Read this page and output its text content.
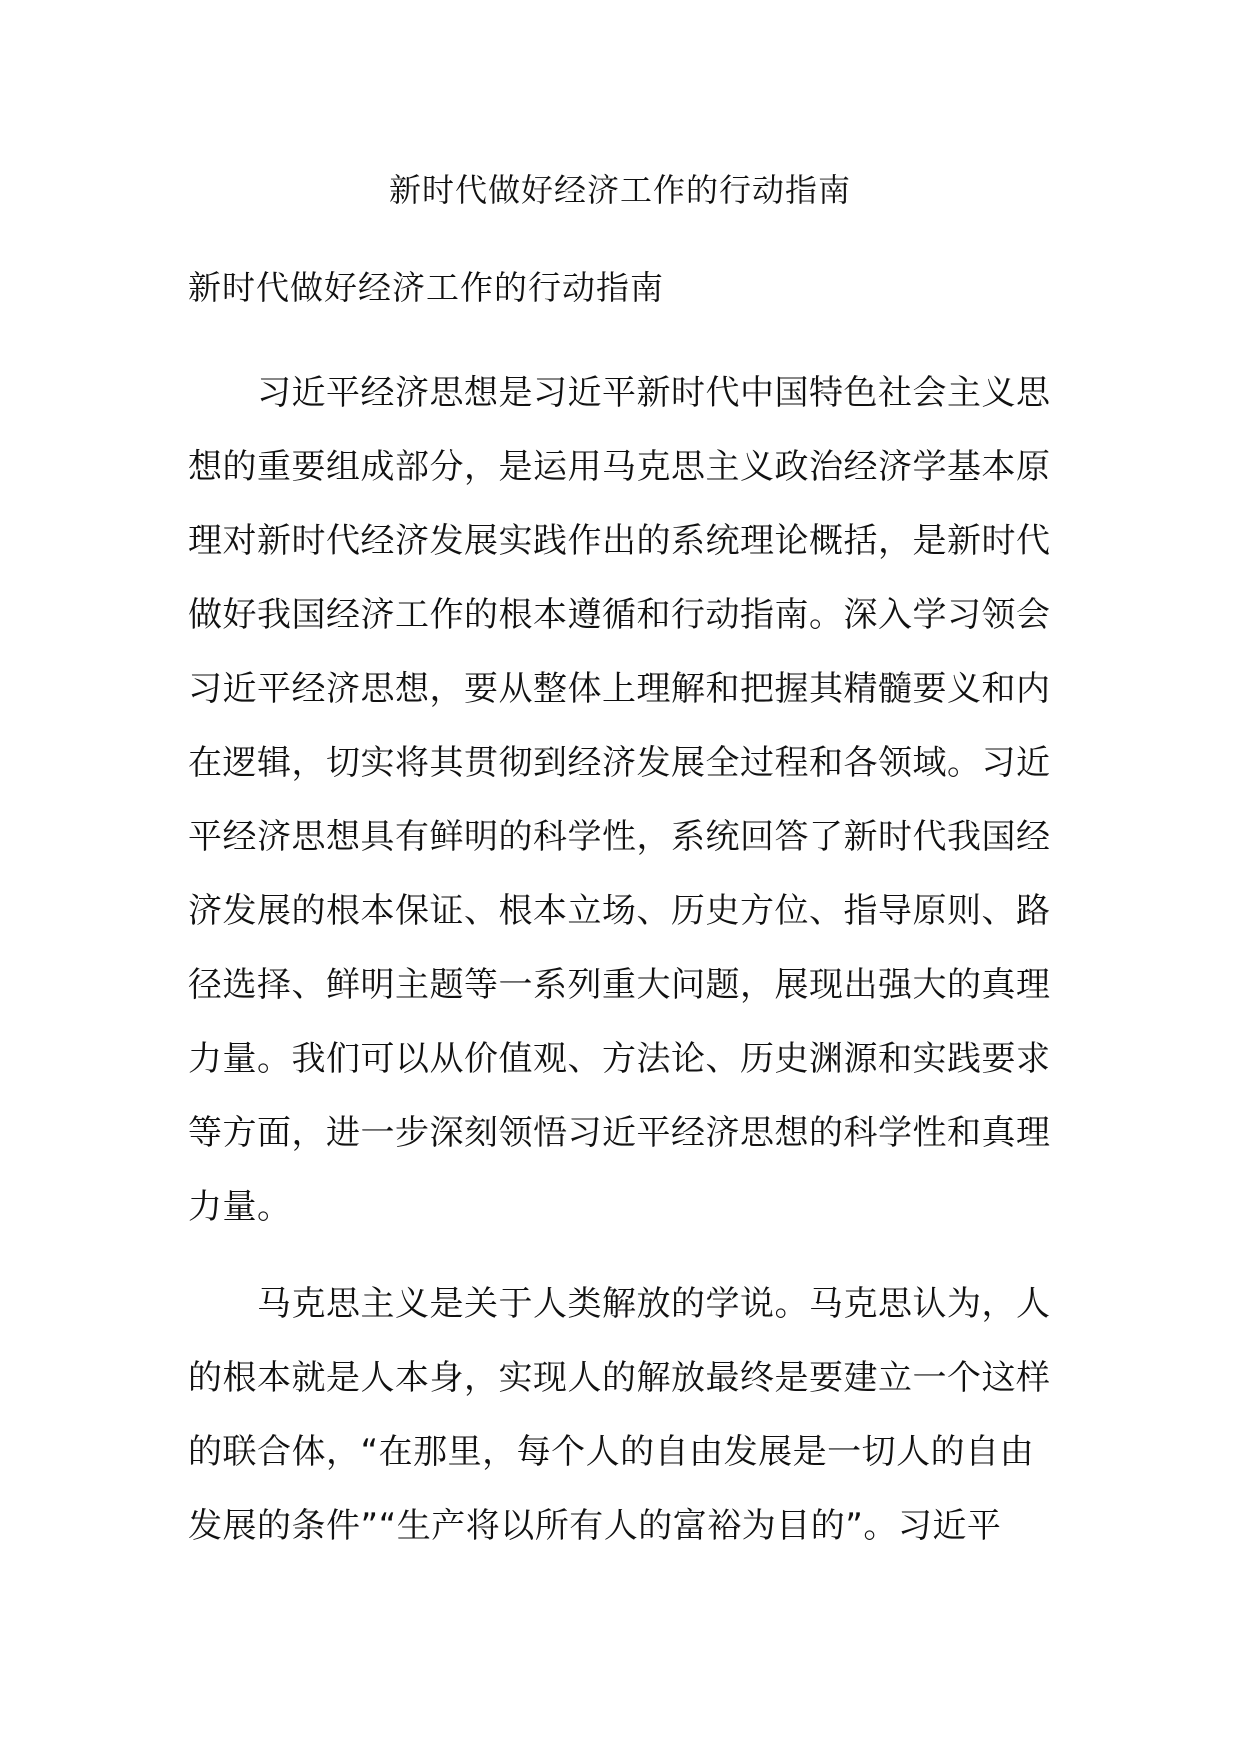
新时代做好经济工作的行动指南
新时代做好经济工作的行动指南

　　习近平经济思想是习近平新时代中国特色社会主义思
想的重要组成部分，是运用马克思主义政治经济学基本原
理对新时代经济发展实践作出的系统理论概括，是新时代
做好我国经济工作的根本遵循和行动指南。深入学习领会
习近平经济思想，要从整体上理解和把握其精髓要义和内
在逻辑，切实将其贯彻到经济发展全过程和各领域。习近
平经济思想具有鲜明的科学性，系统回答了新时代我国经
济发展的根本保证、根本立场、历史方位、指导原则、路
径选择、鲜明主题等一系列重大问题，展现出强大的真理
力量。我们可以从价值观、方法论、历史渊源和实践要求
等方面，进一步深刻领悟习近平经济思想的科学性和真理
力量。

　　马克思主义是关于人类解放的学说。马克思认为，人
的根本就是人本身，实现人的解放最终是要建立一个这样
的联合体，“在那里，每个人的自由发展是一切人的自由
发展的条件”“生产将以所有人的富裕为目的”。习近平
